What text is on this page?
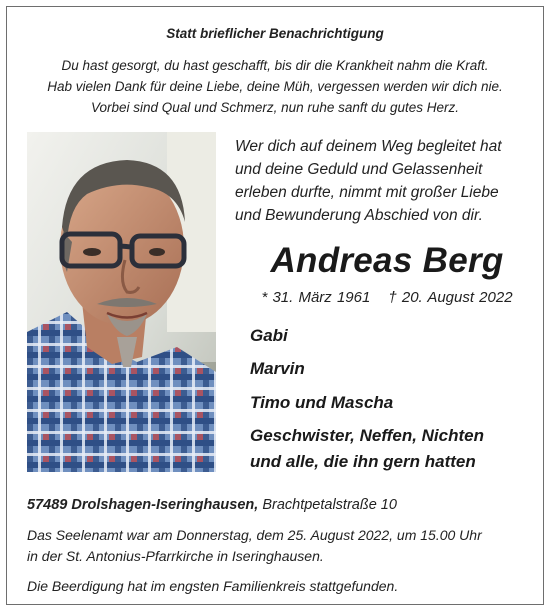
Statt brieflicher Benachrichtigung
Du hast gesorgt, du hast geschafft, bis dir die Krankheit nahm die Kraft.
Hab vielen Dank für deine Liebe, deine Müh, vergessen werden wir dich nie.
Vorbei sind Qual und Schmerz, nun ruhe sanft du gutes Herz.
Wer dich auf deinem Weg begleitet hat
und deine Geduld und Gelassenheit
erleben durfte, nimmt mit großer Liebe
und Bewunderung Abschied von dir.
Andreas Berg
* 31. März 1961 † 20. August 2022
Gabi
Marvin
Timo und Mascha
Geschwister, Neffen, Nichten
und alle, die ihn gern hatten
57489 Drolshagen-Iseringhausen, Brachtpetalstraße 10
Das Seelenamt war am Donnerstag, dem 25. August 2022, um 15.00 Uhr
in der St. Antonius-Pfarrkirche in Iseringhausen.
Die Beerdigung hat im engsten Familienkreis stattgefunden.
